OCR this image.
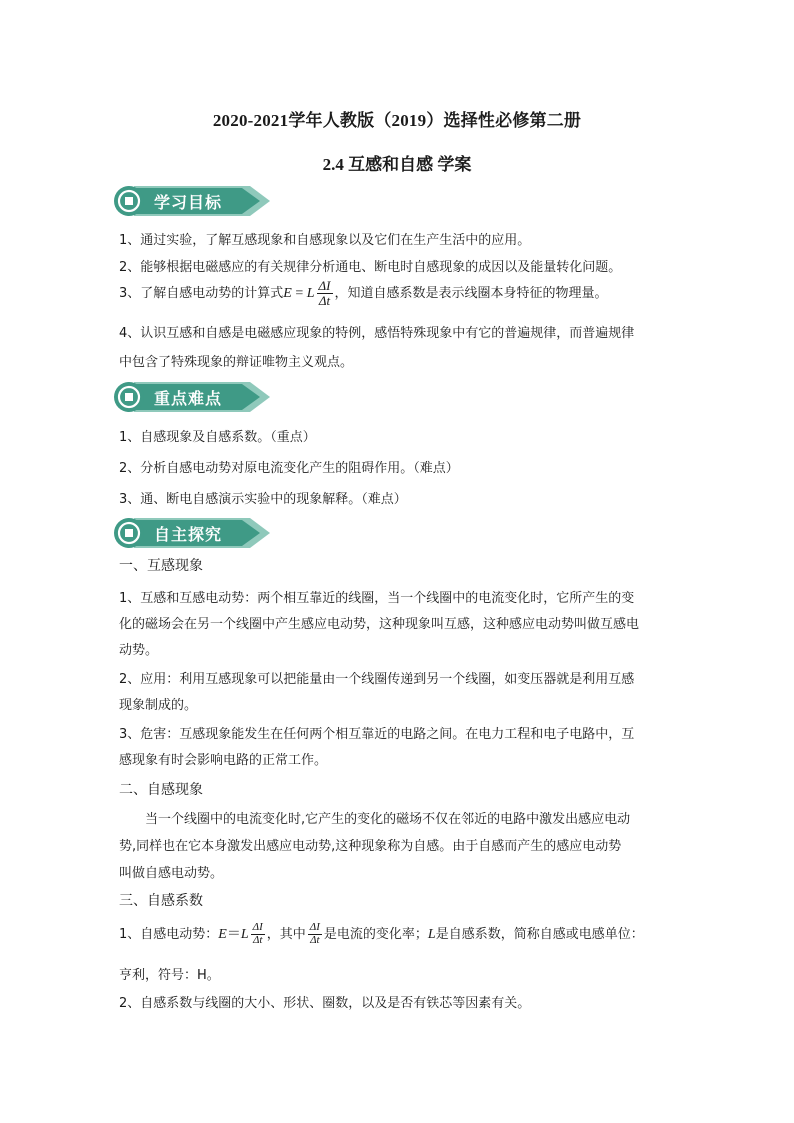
2020-2021学年人教版（2019）选择性必修第二册
2.4 互感和自感 学案
学习目标
1、通过实验，了解互感现象和自感现象以及它们在生产生活中的应用。
2、能够根据电磁感应的有关规律分析通电、断电时自感现象的成因以及能量转化问题。
3、了解自感电动势的计算式E = L $\frac{\Delta I}{\Delta t}$ ，知道自感系数是表示线圈本身特征的物理量。
4、认识互感和自感是电磁感应现象的特例，感悟特殊现象中有它的普遍规律，而普遍规律
中包含了特殊现象的辩证唯物主义观点。
重点难点
1、自感现象及自感系数。（重点）
2、分析自感电动势对原电流变化产生的阻碍作用。（难点）
3、通、断电自感演示实验中的现象解释。（难点）
自主探究
一、互感现象
1、互感和互感电动势：两个相互靠近的线圈，当一个线圈中的电流变化时，它所产生的变
化的磁场会在另一个线圈中产生感应电动势，这种现象叫互感，这种感应电动势叫做互感电
动势。
2、应用：利用互感现象可以把能量由一个线圈传递到另一个线圈，如变压器就是利用互感
现象制成的。
3、危害：互感现象能发生在任何两个相互靠近的电路之间。在电力工程和电子电路中，互
感现象有时会影响电路的正常工作。
二、自感现象
当一个线圈中的电流变化时,它产生的变化的磁场不仅在邻近的电路中激发出感应电动
势,同样也在它本身激发出感应电动势,这种现象称为自感。由于自感而产生的感应电动势
叫做自感电动势。
三、自感系数
1、自感电动势：$E=L \frac{\Delta I}{\Delta t}$ ，其中 $\frac{\Delta I}{\Delta t}$ 是电流的变化率；L是自感系数，简称自感或电感单位：
亨利，符号：H。
2、自感系数与线圈的大小、形状、圈数，以及是否有铁芯等因素有关。
